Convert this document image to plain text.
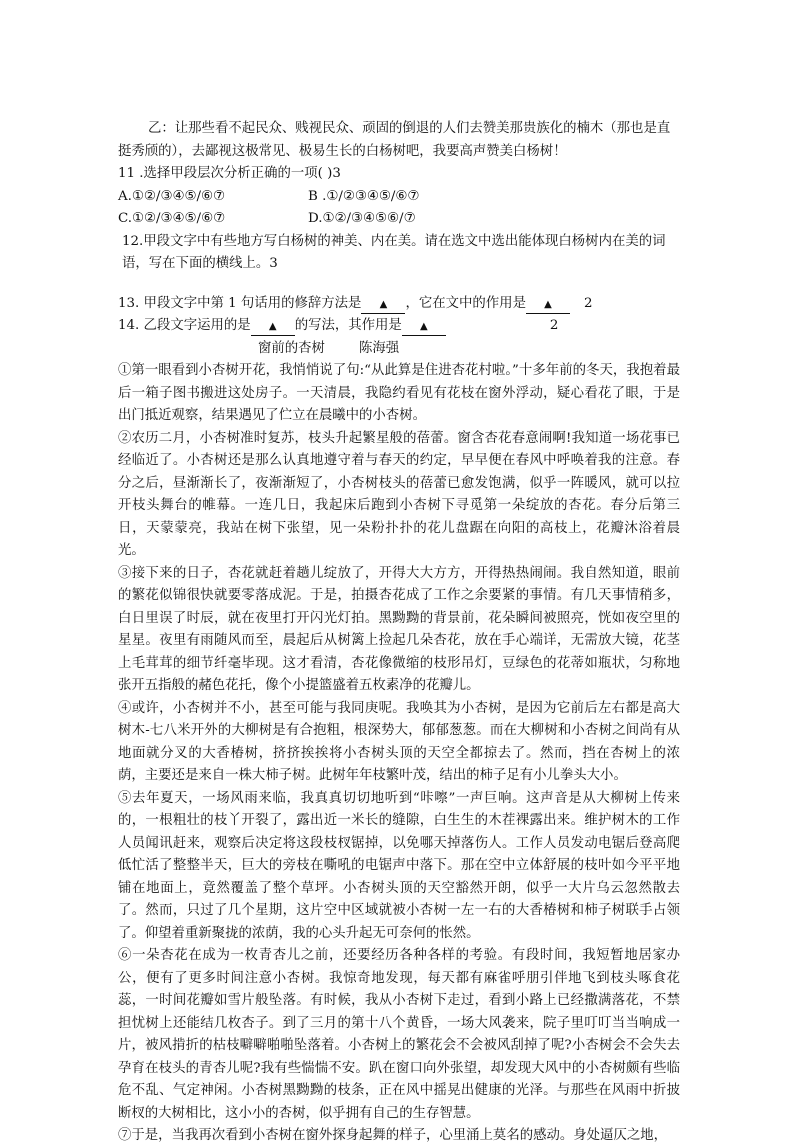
乙：让那些看不起民众、贱视民众、顽固的倒退的人们去赞美那贵族化的楠木（那也是直挺秀颀的），去鄙视这极常见、极易生长的白杨树吧，我要高声赞美白杨树！

11 .选择甲段层次分析正确的一项( )3

A.①②/③④⑤/⑥⑦	B .①/②③④⑤/⑥⑦
C.①②/③④⑤/⑥⑦	D.①②/③④⑤⑥/⑦

12.甲段文字中有些地方写白杨树的神美、内在美。请在选文中选出能体现白杨树内在美的词语，写在下面的横线上。3

13. 甲段文字中第 1 句话用的修辞方法是 ▲ ，它在文中的作用是 ▲ 2

14. 乙段文字运用的是 ▲ 的写法，其作用是 ▲	2

窗前的杏树	陈海强

①第一眼看到小杏树开花，我悄悄说了句:“从此算是住进杏花村啦。”十多年前的冬天，我抱着最后一箱子图书搬进这处房子。一天清晨，我隐约看见有花枝在窗外浮动，疑心看花了眼，于是出门抵近观察，结果遇见了伫立在晨曦中的小杏树。

②农历二月，小杏树准时复苏，枝头升起繁星般的蓓蕾。窗含杏花春意闹啊!我知道一场花事已经临近了。小杏树还是那么认真地遵守着与春天的约定，早早便在春风中呼唤着我的注意。春分之后，昼渐渐长了，夜渐渐短了，小杏树枝头的蓓蕾已愈发饱满，似乎一阵暖风，就可以拉开枝头舞台的帷幕。一连几日，我起床后跑到小杏树下寻觅第一朵绽放的杏花。春分后第三日，天蒙蒙亮，我站在树下张望，见一朵粉扑扑的花儿盘踞在向阳的高枝上，花瓣沐浴着晨光。

③接下来的日子，杏花就赶着趟儿绽放了，开得大大方方，开得热热闹闹。我自然知道，眼前的繁花似锦很快就要零落成泥。于是，拍摄杏花成了工作之余要紧的事情。有几天事情稍多，白日里误了时辰，就在夜里打开闪光灯拍。黑黝黝的背景前，花朵瞬间被照亮，恍如夜空里的星星。夜里有雨随风而至，晨起后从树篱上捡起几朵杏花，放在手心端详，无需放大镜，花茎上毛茸茸的细节纤毫毕现。这才看清，杏花像微缩的枝形吊灯，豆绿色的花蒂如瓶状，匀称地张开五指般的赭色花托，像个小提篮盛着五枚素净的花瓣儿。

④或许，小杏树并不小，甚至可能与我同庚呢。我唤其为小杏树，是因为它前后左右都是高大树木-七八米开外的大柳树是有合抱粗，根深势大，郁郁葱葱。而在大柳树和小杏树之间尚有从地面就分叉的大香椿树，挤挤挨挨将小杏树头顶的天空全都掠去了。然而，挡在杏树上的浓荫，主要还是来自一株大柿子树。此树年年枝繁叶茂，结出的柿子足有小儿拳头大小。

⑤去年夏天，一场风雨来临，我真真切切地听到“咔嚓”一声巨响。这声音是从大柳树上传来的，一根粗壮的枝丫开裂了，露出近一米长的缝隙，白生生的木茬裸露出来。维护树木的工作人员闻讯赶来，观察后决定将这段枝杈锯掉，以免哪天掉落伤人。工作人员发动电锯后登高爬低忙活了整整半天，巨大的旁枝在嘶吼的电锯声中落下。那在空中立体舒展的枝叶如今平平地铺在地面上，竟然覆盖了整个草坪。小杏树头顶的天空豁然开朗，似乎一大片乌云忽然散去了。然而，只过了几个星期，这片空中区域就被小杏树一左一右的大香椿树和柿子树联手占领了。仰望着重新聚拢的浓荫，我的心头升起无可奈何的怅然。

⑥一朵杏花在成为一枚青杏儿之前，还要经历各种各样的考验。有段时间，我短暂地居家办公，便有了更多时间注意小杏树。我惊奇地发现，每天都有麻雀呼朋引伴地飞到枝头啄食花蕊，一时间花瓣如雪片般坠落。有时候，我从小杏树下走过，看到小路上已经撒满落花，不禁担忧树上还能结几枚杏子。到了三月的第十八个黄昏，一场大风袭来，院子里叮叮当当响成一片，被风掯折的枯枝噼噼啪啪坠落着。小杏树上的繁花会不会被风刮掉了呢?小杏树会不会失去孕育在枝头的青杏儿呢?我有些惴惴不安。趴在窗口向外张望，却发现大风中的小杏树颇有些临危不乱、气定神闲。小杏树黑黝黝的枝条，正在风中摇晃出健康的光泽。与那些在风雨中折披断杈的大树相比，这小小的杏树，似乎拥有自己的生存智慧。

⑦于是，当我再次看到小杏树在窗外探身起舞的样子，心里涌上莫名的感动。身处逼仄之地，
